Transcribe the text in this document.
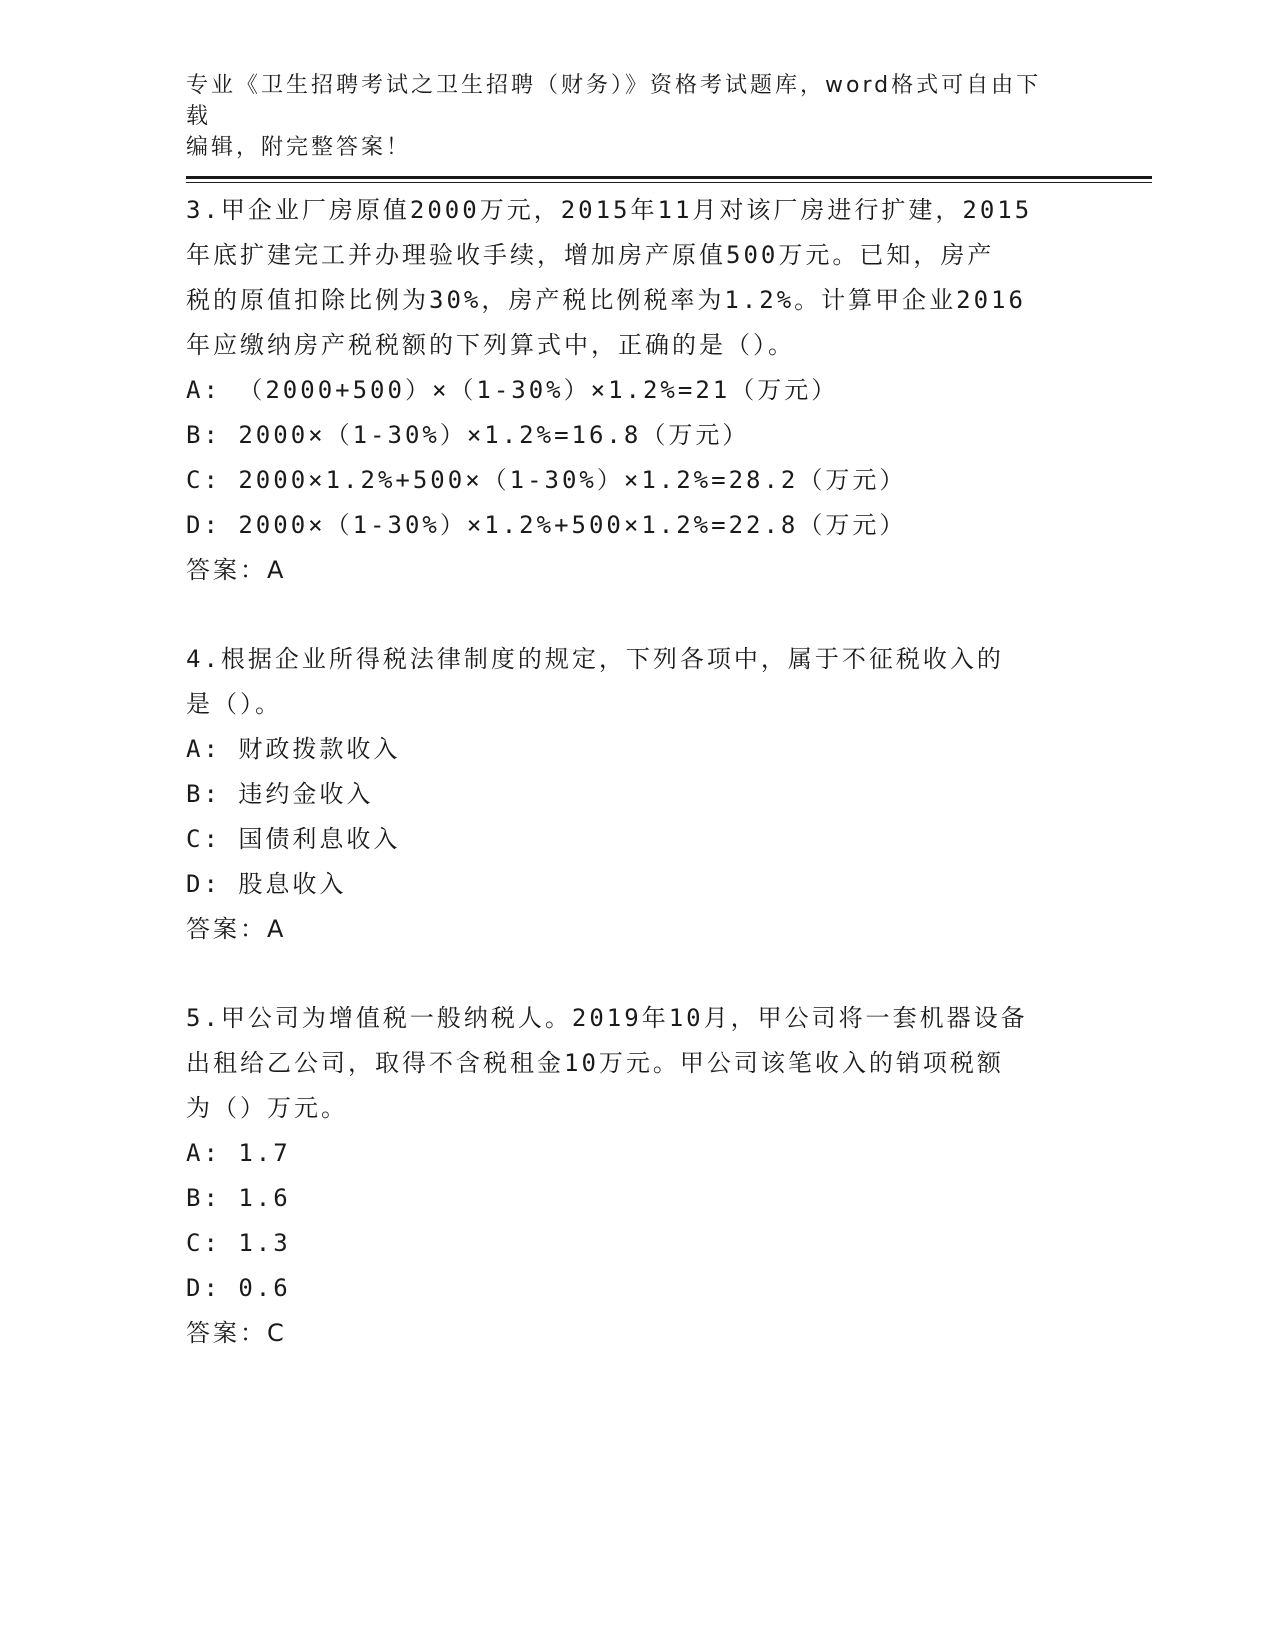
专业《卫生招聘考试之卫生招聘（财务）》资格考试题库，word格式可自由下载
编辑，附完整答案！

3.甲企业厂房原值2000万元，2015年11月对该厂房进行扩建，2015

年底扩建完工并办理验收手续，增加房产原值500万元。已知，房产

税的原值扣除比例为30%，房产税比例税率为1.2%。计算甲企业2016

年应缴纳房产税税额的下列算式中，正确的是（）。

A: （2000+500）×（1-30%）×1.2%=21（万元）

B: 2000×（1-30%）×1.2%=16.8（万元）

C: 2000×1.2%+500×（1-30%）×1.2%=28.2（万元）

D: 2000×（1-30%）×1.2%+500×1.2%=22.8（万元）

答案：A

4.根据企业所得税法律制度的规定，下列各项中，属于不征税收入的

是（）。

A: 财政拨款收入

B: 违约金收入

C: 国债利息收入

D: 股息收入

答案：A

5.甲公司为增值税一般纳税人。2019年10月，甲公司将一套机器设备

出租给乙公司，取得不含税租金10万元。甲公司该笔收入的销项税额

为（）万元。

A: 1.7

B: 1.6

C: 1.3

D: 0.6

答案：C
